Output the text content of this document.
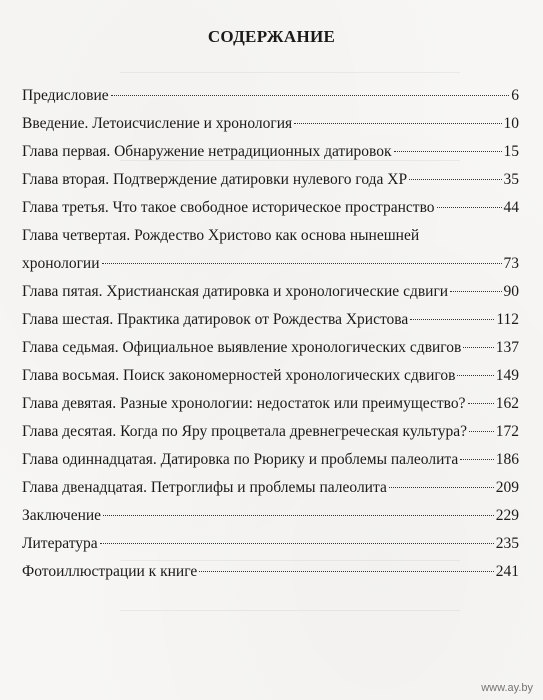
СОДЕРЖАНИЕ
Предисловие	6
Введение. Летоисчисление и хронология	10
Глава первая. Обнаружение нетрадиционных датировок	15
Глава вторая. Подтверждение датировки нулевого года ХР	35
Глава третья. Что такое свободное историческое пространство	44
Глава четвертая. Рождество Христово как основа нынешней
хронологии	73
Глава пятая. Христианская датировка и хронологические сдвиги	90
Глава шестая. Практика датировок от Рождества Христова	112
Глава седьмая. Официальное выявление хронологических сдвигов 137
Глава восьмая. Поиск закономерностей хронологических сдвигов	149
Глава девятая. Разные хронологии: недостаток или преимущество? 162
Глава десятая. Когда по Яру процветала древнегреческая культура? 172
Глава одиннадцатая. Датировка по Рюрику и проблемы палеолита 186
Глава двенадцатая. Петроглифы и проблемы палеолита	209
Заключение	229
Литература	235
Фотоиллюстрации к книге	241
www.ay.by
